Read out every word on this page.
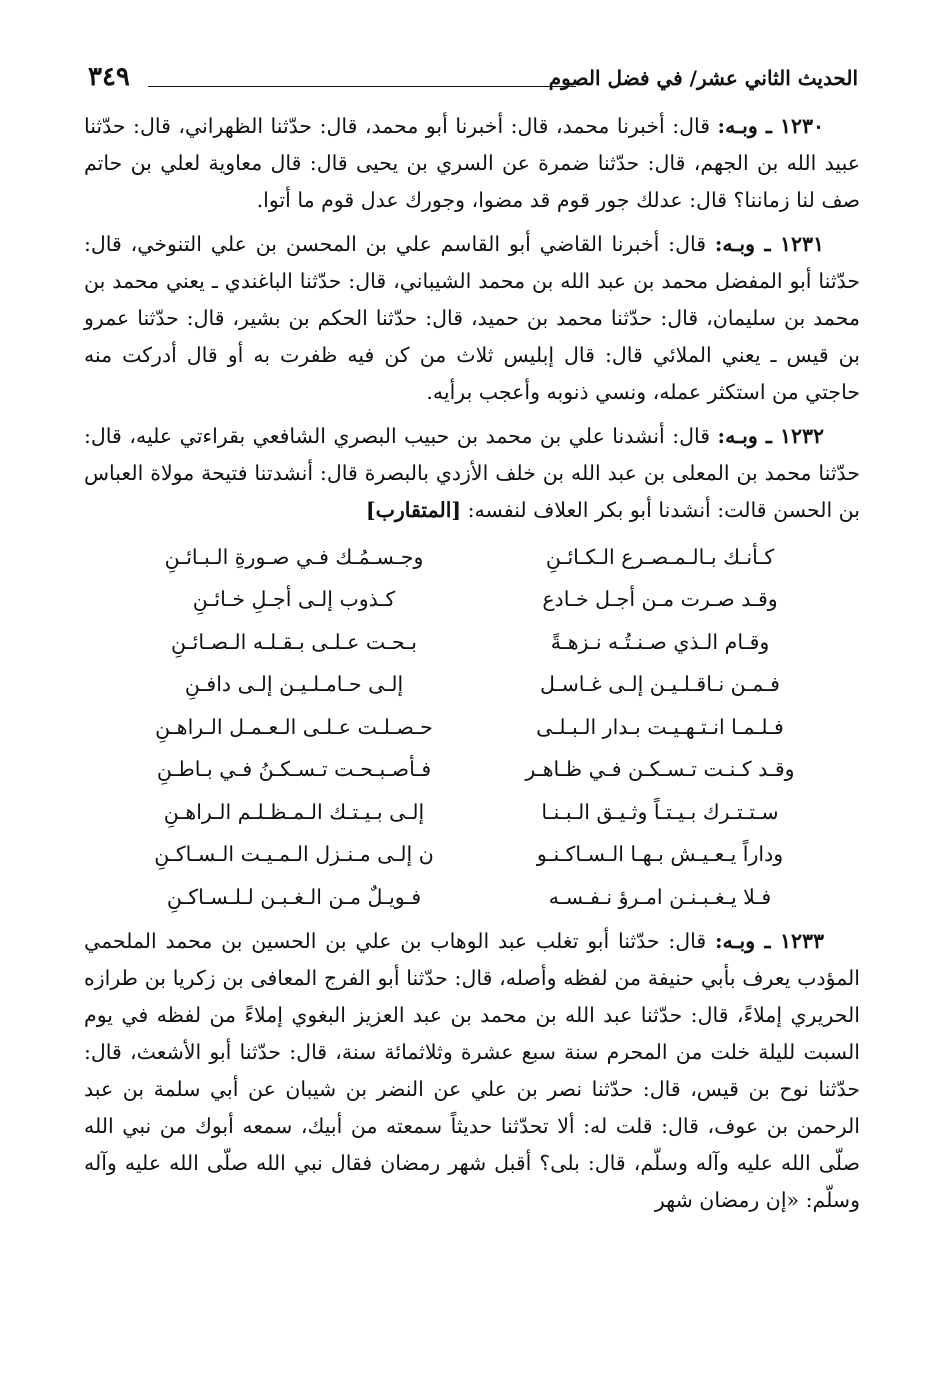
الحديث الثاني عشر/ في فضل الصوم
٣٤٩

١٢٣٠ ـ وبـه: قال: أخبرنا محمد، قال: أخبرنا أبو محمد، قال: حدّثنا الظهراني، قال: حدّثنا عبيد الله بن الجهم، قال: حدّثنا ضمرة عن السري بن يحيى قال: قال معاوية لعلي بن حاتم صف لنا زماننا؟ قال: عدلك جور قوم قد مضوا، وجورك عدل قوم ما أتوا.

١٢٣١ ـ وبـه: قال: أخبرنا القاضي أبو القاسم علي بن المحسن بن علي التنوخي، قال: حدّثنا أبو المفضل محمد بن عبد الله بن محمد الشيباني، قال: حدّثنا الباغندي ـ يعني محمد بن محمد بن سليمان، قال: حدّثنا محمد بن حميد، قال: حدّثنا الحكم بن بشير، قال: حدّثنا عمرو بن قيس ـ يعني الملائي قال: قال إبليس ثلاث من كن فيه ظفرت به أو قال أدركت منه حاجتي من استكثر عمله، ونسي ذنوبه وأعجب برأيه.

١٢٣٢ ـ وبـه: قال: أنشدنا علي بن محمد بن حبيب البصري الشافعي بقراءتي عليه، قال: حدّثنا محمد بن المعلى بن عبد الله بن خلف الأزدي بالبصرة قال: أنشدتنا فتيحة مولاة العباس بن الحسن قالت: أنشدنا أبو بكر العلاف لنفسه: [المتقارب]

كـأنـك بـالـمـصـرع الـكـائـنِ
وجـسـمُـك فـي صـورةِ الـبـائـنِ
وقـد صـرت مـن أجـل خـادع
كـذوب إلـى أجـلِ خـائـنِ
وقـام الـذي صـنـتُـه نـزهـةً
بـحـت عـلـى بـقـلـه الـصـائـنِ
فـمـن نـاقـلـيـن إلـى غـاسـل
إلـى حـامـلـيـن إلـى دافـنِ
فـلـمـا انـتـهـيـت بـدار الـبـلـى
حـصـلـت عـلـى الـعـمـل الـراهـنِ
وقـد كـنـت تـسـكـن فـي ظـاهـر
فـأصـبـحـت تـسـكـنُ فـي بـاطـنِ
سـتـتـرك بـيـتـاً وثـيـق الـبـنـا
إلـى بـيـتـك الـمـظـلـم الـراهـنِ
وداراً يـعـيـش بـهـا الـسـاكـنـو
ن إلـى مـنـزل الـمـيـت الـسـاكـنِ
فـلا يـغـبـنـن امـرؤ نـفـسـه
فـويـلٌ مـن الـغـبـن لـلـسـاكـنِ

١٢٣٣ ـ وبـه: قال: حدّثنا أبو تغلب عبد الوهاب بن علي بن الحسين بن محمد الملحمي المؤدب يعرف بأبي حنيفة من لفظه وأصله، قال: حدّثنا أبو الفرج المعافى بن زكريا بن طرازه الحريري إملاءً، قال: حدّثنا عبد الله بن محمد بن عبد العزيز البغوي إملاءً من لفظه في يوم السبت لليلة خلت من المحرم سنة سبع عشرة وثلاثمائة سنة، قال: حدّثنا أبو الأشعث، قال: حدّثنا نوح بن قيس، قال: حدّثنا نصر بن علي عن النضر بن شيبان عن أبي سلمة بن عبد الرحمن بن عوف، قال: قلت له: ألا تحدّثنا حديثاً سمعته من أبيك، سمعه أبوك من نبي الله صلّى الله عليه وآله وسلّم، قال: بلى؟ أقبل شهر رمضان فقال نبي الله صلّى الله عليه وآله وسلّم: «إن رمضان شهر
